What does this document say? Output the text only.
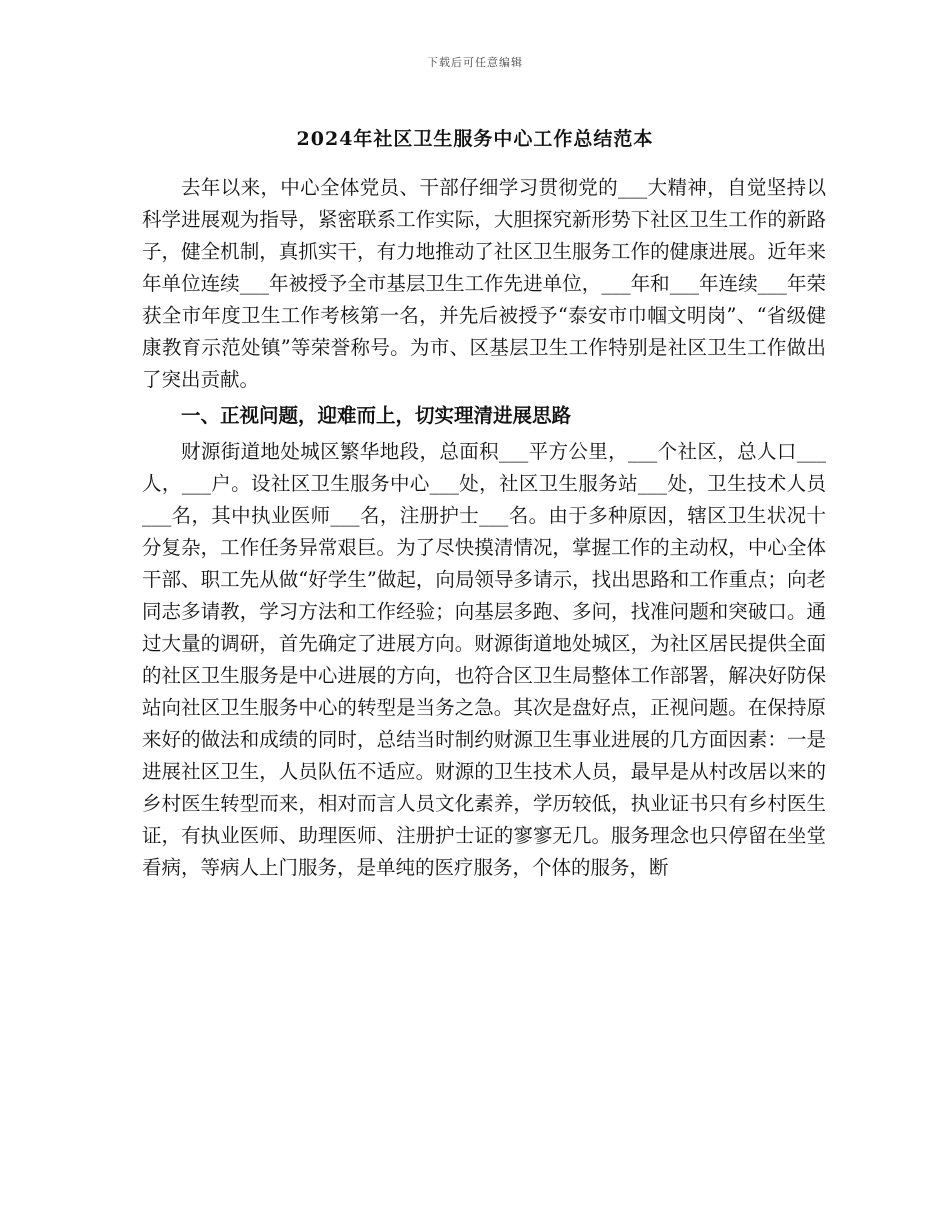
下载后可任意编辑
2024年社区卫生服务中心工作总结范本

去年以来，中心全体党员、干部仔细学习贯彻党的___大精神，自觉坚持以科学进展观为指导，紧密联系工作实际，大胆探究新形势下社区卫生工作的新路子，健全机制，真抓实干，有力地推动了社区卫生服务工作的健康进展。近年来年单位连续___年被授予全市基层卫生工作先进单位，___年和___年连续___年荣获全市年度卫生工作考核第一名，并先后被授予“泰安市巾帼文明岗”、“省级健康教育示范处镇”等荣誉称号。为市、区基层卫生工作特别是社区卫生工作做出了突出贡献。

一、正视问题，迎难而上，切实理清进展思路

财源街道地处城区繁华地段，总面积___平方公里，___个社区，总人口___人，___户。设社区卫生服务中心___处，社区卫生服务站___处，卫生技术人员___名，其中执业医师___名，注册护士___名。由于多种原因，辖区卫生状况十分复杂，工作任务异常艰巨。为了尽快摸清情况，掌握工作的主动权，中心全体干部、职工先从做“好学生”做起，向局领导多请示，找出思路和工作重点；向老同志多请教，学习方法和工作经验；向基层多跑、多问，找准问题和突破口。通过大量的调研，首先确定了进展方向。财源街道地处城区，为社区居民提供全面的社区卫生服务是中心进展的方向，也符合区卫生局整体工作部署，解决好防保站向社区卫生服务中心的转型是当务之急。其次是盘好点，正视问题。在保持原来好的做法和成绩的同时，总结当时制约财源卫生事业进展的几方面因素：一是进展社区卫生，人员队伍不适应。财源的卫生技术人员，最早是从村改居以来的乡村医生转型而来，相对而言人员文化素养，学历较低，执业证书只有乡村医生证，有执业医师、助理医师、注册护士证的寥寥无几。服务理念也只停留在坐堂看病，等病人上门服务，是单纯的医疗服务，个体的服务，断
